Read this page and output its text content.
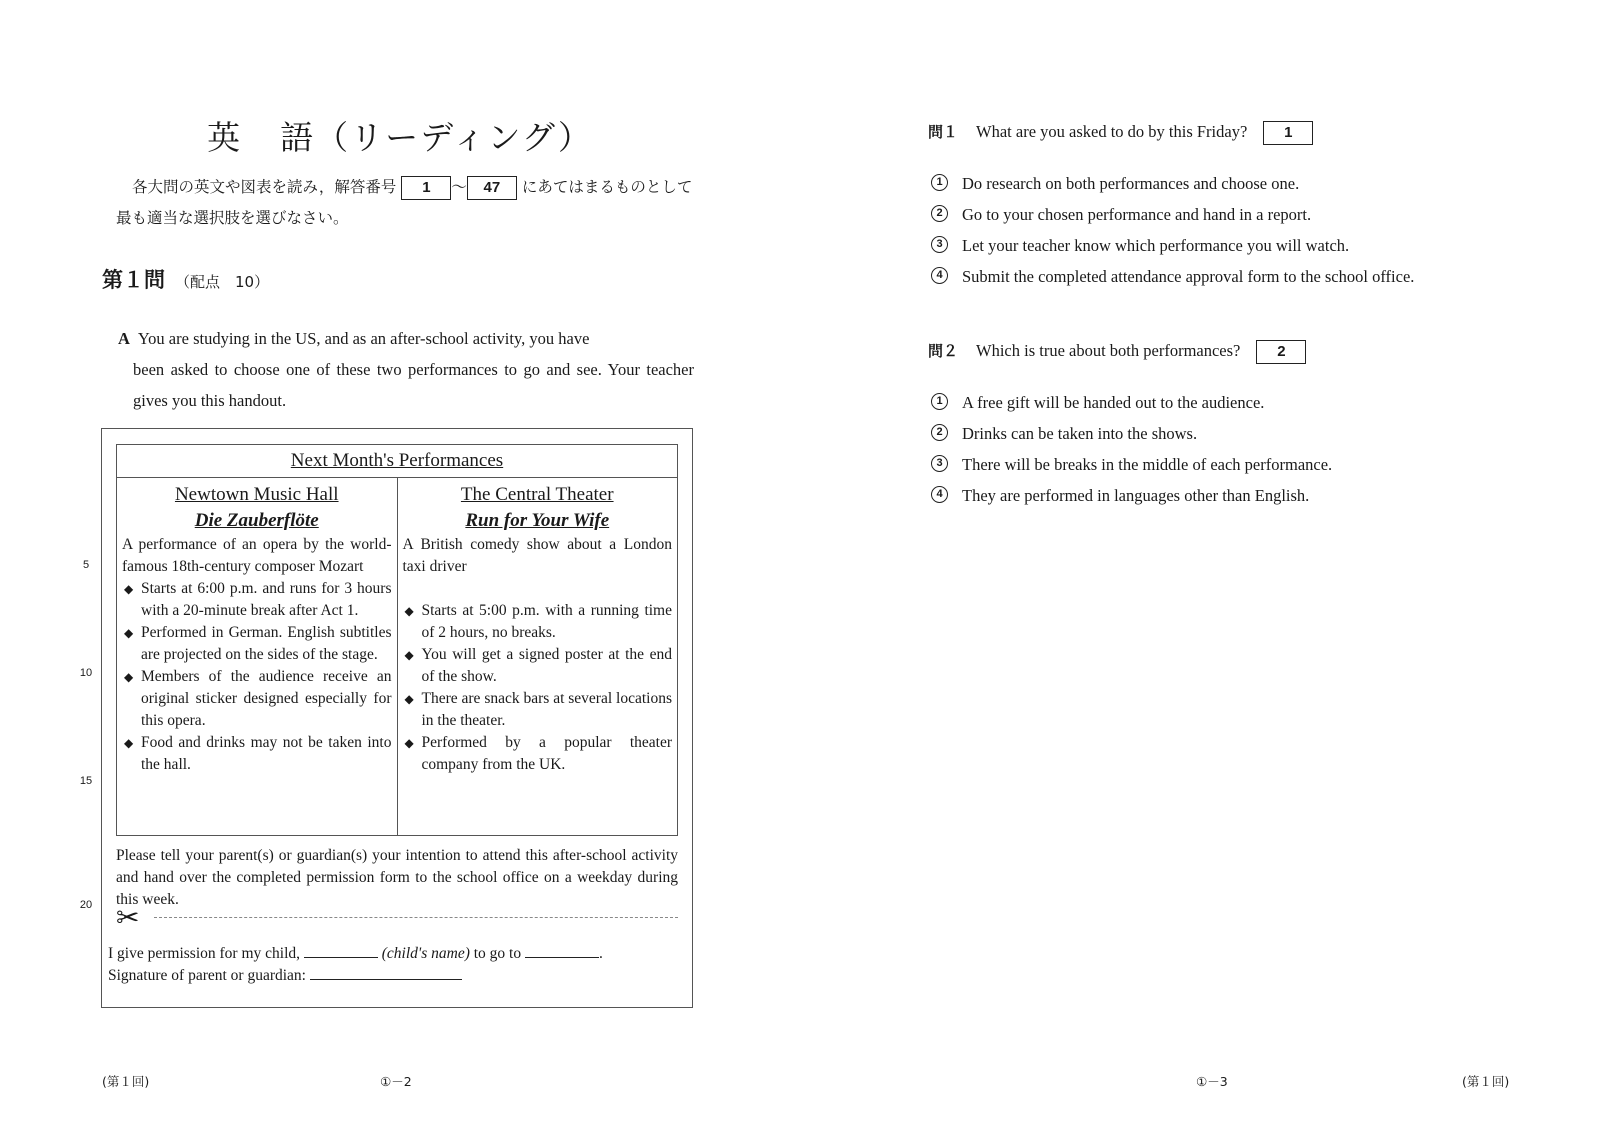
英 語（リーディング）
各大問の英文や図表を読み，解答番号 1 〜 47 にあてはまるものとして最も適当な選択肢を選びなさい。
第１問 （配点　10）
A You are studying in the US, and as an after-school activity, you have
been asked to choose one of these two performances to go and see. Your teacher gives you this handout.
Next Month's Performances
Newtown Music Hall
Die Zauberflöte
A performance of an opera by the world-famous 18th-century composer Mozart
◆ Starts at 6:00 p.m. and runs for 3 hours with a 20-minute break after Act 1.
◆ Performed in German. English subtitles are projected on the sides of the stage.
◆ Members of the audience receive an original sticker designed especially for this opera.
◆ Food and drinks may not be taken into the hall.
The Central Theater
Run for Your Wife
A British comedy show about a London taxi driver
◆ Starts at 5:00 p.m. with a running time of 2 hours, no breaks.
◆ You will get a signed poster at the end of the show.
◆ There are snack bars at several locations in the theater.
◆ Performed by a popular theater company from the UK.
Please tell your parent(s) or guardian(s) your intention to attend this after-school activity and hand over the completed permission form to the school office on a weekday during this week.
✂
I give permission for my child,	(child's name) to go to	.
Signature of parent or guardian:
5
10
15
20
(第１回)	①－2
問１ What are you asked to do by this Friday? 1
1	Do research on both performances and choose one.
2	Go to your chosen performance and hand in a report.
3	Let your teacher know which performance you will watch.
4	Submit the completed attendance approval form to the school office.
問２ Which is true about both performances? 2
1	A free gift will be handed out to the audience.
2	Drinks can be taken into the shows.
3	There will be breaks in the middle of each performance.
4	They are performed in languages other than English.
①－3	(第１回)
